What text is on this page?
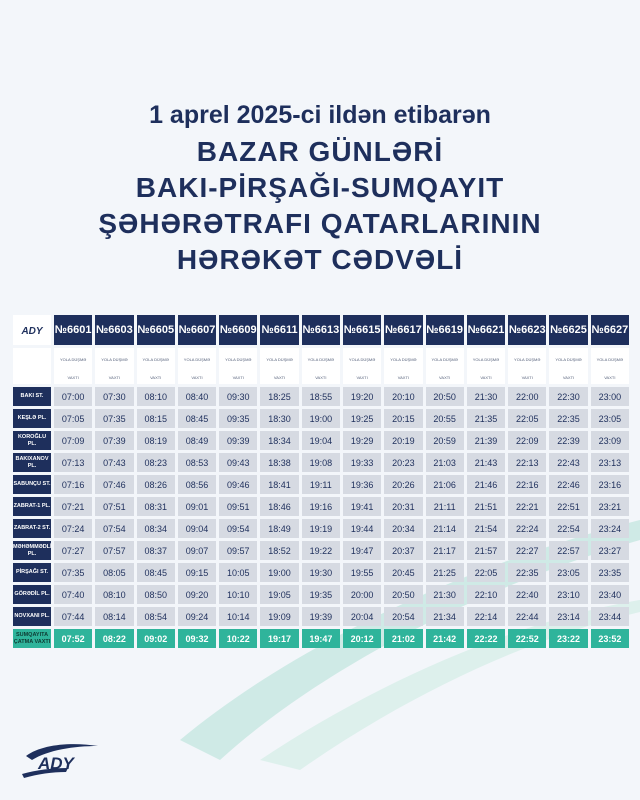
1 aprel 2025-ci ildən etibarən
BAZAR GÜNLƏRİ
BAKI-PİRŞAĞI-SUMQAYIT
ŞƏHƏRƏTRAFI QATARLARININ
HƏRƏKƏT CƏDVƏLİ
ADY	№6601	№6603	№6605	№6607	№6609	№6611	№6613	№6615	№6617	№6619	№6621	№6623	№6625	№6627
	YOLA DÜŞMƏ VAXTI	YOLA DÜŞMƏ VAXTI	YOLA DÜŞMƏ VAXTI	YOLA DÜŞMƏ VAXTI	YOLA DÜŞMƏ VAXTI	YOLA DÜŞMƏ VAXTI	YOLA DÜŞMƏ VAXTI	YOLA DÜŞMƏ VAXTI	YOLA DÜŞMƏ VAXTI	YOLA DÜŞMƏ VAXTI	YOLA DÜŞMƏ VAXTI	YOLA DÜŞMƏ VAXTI	YOLA DÜŞMƏ VAXTI	YOLA DÜŞMƏ VAXTI
BAKI ST.	07:00	07:30	08:10	08:40	09:30	18:25	18:55	19:20	20:10	20:50	21:30	22:00	22:30	23:00
KEŞLƏ PL.	07:05	07:35	08:15	08:45	09:35	18:30	19:00	19:25	20:15	20:55	21:35	22:05	22:35	23:05
KOROĞLU PL.	07:09	07:39	08:19	08:49	09:39	18:34	19:04	19:29	20:19	20:59	21:39	22:09	22:39	23:09
BAKIXANOV PL.	07:13	07:43	08:23	08:53	09:43	18:38	19:08	19:33	20:23	21:03	21:43	22:13	22:43	23:13
SABUNÇU ST.	07:16	07:46	08:26	08:56	09:46	18:41	19:11	19:36	20:26	21:06	21:46	22:16	22:46	23:16
ZABRAT-1 PL.	07:21	07:51	08:31	09:01	09:51	18:46	19:16	19:41	20:31	21:11	21:51	22:21	22:51	23:21
ZABRAT-2 ST.	07:24	07:54	08:34	09:04	09:54	18:49	19:19	19:44	20:34	21:14	21:54	22:24	22:54	23:24
MƏHƏMMƏDLİ PL.	07:27	07:57	08:37	09:07	09:57	18:52	19:22	19:47	20:37	21:17	21:57	22:27	22:57	23:27
PİRŞAĞI ST.	07:35	08:05	08:45	09:15	10:05	19:00	19:30	19:55	20:45	21:25	22:05	22:35	23:05	23:35
GÖRƏDİL PL.	07:40	08:10	08:50	09:20	10:10	19:05	19:35	20:00	20:50	21:30	22:10	22:40	23:10	23:40
NOVXANI PL.	07:44	08:14	08:54	09:24	10:14	19:09	19:39	20:04	20:54	21:34	22:14	22:44	23:14	23:44
SUMQAYITA ÇATMA VAXTI	07:52	08:22	09:02	09:32	10:22	19:17	19:47	20:12	21:02	21:42	22:22	22:52	23:22	23:52
ADY
